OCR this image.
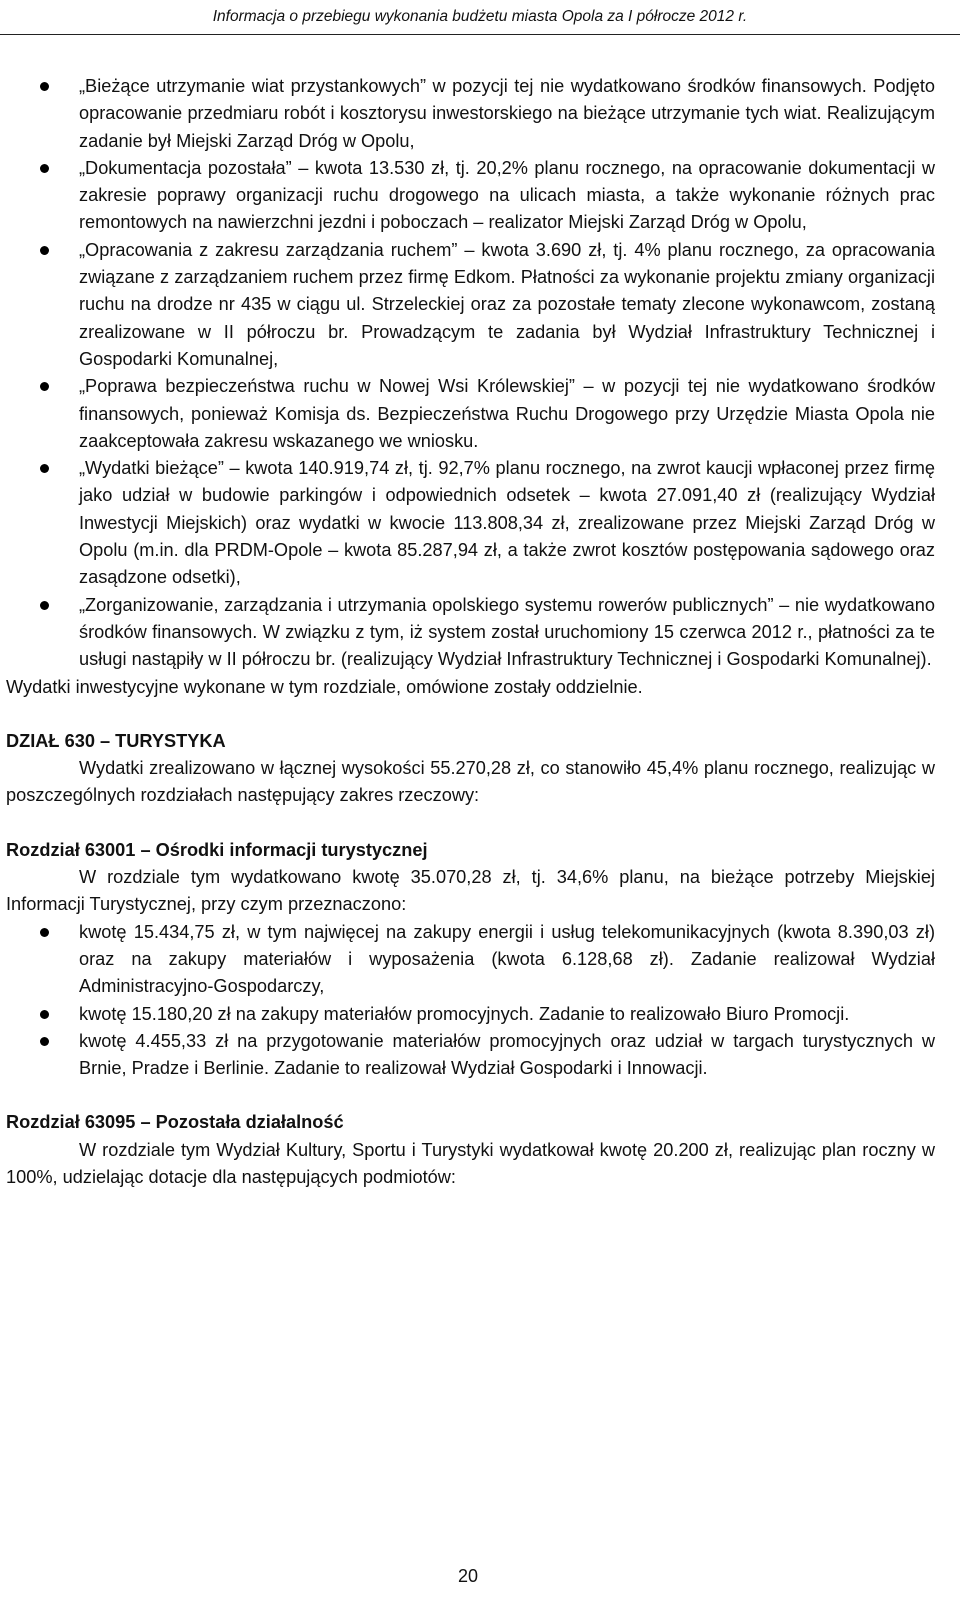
Informacja o przebiegu wykonania budżetu miasta Opola za I półrocze 2012 r.
„Bieżące utrzymanie wiat przystankowych” w pozycji tej nie wydatkowano środków finansowych. Podjęto opracowanie przedmiaru robót i kosztorysu inwestorskiego na bieżące utrzymanie tych wiat. Realizującym zadanie był Miejski Zarząd Dróg w Opolu,
„Dokumentacja pozostała” – kwota 13.530 zł, tj. 20,2% planu rocznego, na opracowanie dokumentacji w zakresie poprawy organizacji ruchu drogowego na ulicach miasta, a także wykonanie różnych prac remontowych na nawierzchni jezdni i poboczach – realizator Miejski Zarząd Dróg w Opolu,
„Opracowania z zakresu zarządzania ruchem” – kwota 3.690 zł, tj. 4% planu rocznego, za opracowania związane z zarządzaniem ruchem przez firmę Edkom. Płatności za wykonanie projektu zmiany organizacji ruchu na drodze nr 435 w ciągu ul. Strzeleckiej oraz za pozostałe tematy zlecone wykonawcom, zostaną zrealizowane w II półroczu br. Prowadzącym te zadania był Wydział Infrastruktury Technicznej i Gospodarki Komunalnej,
„Poprawa bezpieczeństwa ruchu w Nowej Wsi Królewskiej” – w pozycji tej nie wydatkowano środków finansowych, ponieważ Komisja ds. Bezpieczeństwa Ruchu Drogowego przy Urzędzie Miasta Opola nie zaakceptowała zakresu wskazanego we wniosku.
„Wydatki bieżące” – kwota 140.919,74 zł, tj. 92,7% planu rocznego, na zwrot kaucji wpłaconej przez firmę jako udział w budowie parkingów i odpowiednich odsetek – kwota 27.091,40 zł (realizujący Wydział Inwestycji Miejskich) oraz wydatki w kwocie 113.808,34 zł, zrealizowane przez Miejski Zarząd Dróg w Opolu (m.in. dla PRDM-Opole – kwota 85.287,94 zł, a także zwrot kosztów postępowania sądowego oraz zasądzone odsetki),
„Zorganizowanie, zarządzania i utrzymania opolskiego systemu rowerów publicznych” – nie wydatkowano środków finansowych. W związku z tym, iż system został uruchomiony 15 czerwca 2012 r., płatności za te usługi nastąpiły w II półroczu br. (realizujący Wydział Infrastruktury Technicznej i Gospodarki Komunalnej).

Wydatki inwestycyjne wykonane w tym rozdziale, omówione zostały oddzielnie.

DZIAŁ 630 – TURYSTYKA

Wydatki zrealizowano w łącznej wysokości 55.270,28 zł, co stanowiło 45,4% planu rocznego, realizując w poszczególnych rozdziałach następujący zakres rzeczowy:

Rozdział 63001 – Ośrodki informacji turystycznej

W rozdziale tym wydatkowano kwotę 35.070,28 zł, tj. 34,6% planu, na bieżące potrzeby Miejskiej Informacji Turystycznej, przy czym przeznaczono:

kwotę 15.434,75 zł, w tym najwięcej na zakupy energii i usług telekomunikacyjnych (kwota 8.390,03 zł) oraz na zakupy materiałów i wyposażenia (kwota 6.128,68 zł). Zadanie realizował Wydział Administracyjno-Gospodarczy,
kwotę 15.180,20 zł na zakupy materiałów promocyjnych. Zadanie to realizowało Biuro Promocji.
kwotę 4.455,33 zł na przygotowanie materiałów promocyjnych oraz udział w targach turystycznych w Brnie, Pradze i Berlinie. Zadanie to realizował Wydział Gospodarki i Innowacji.

Rozdział 63095 – Pozostała działalność

W rozdziale tym Wydział Kultury, Sportu i Turystyki wydatkował kwotę 20.200 zł, realizując plan roczny w 100%, udzielając dotacje dla następujących podmiotów:

20
